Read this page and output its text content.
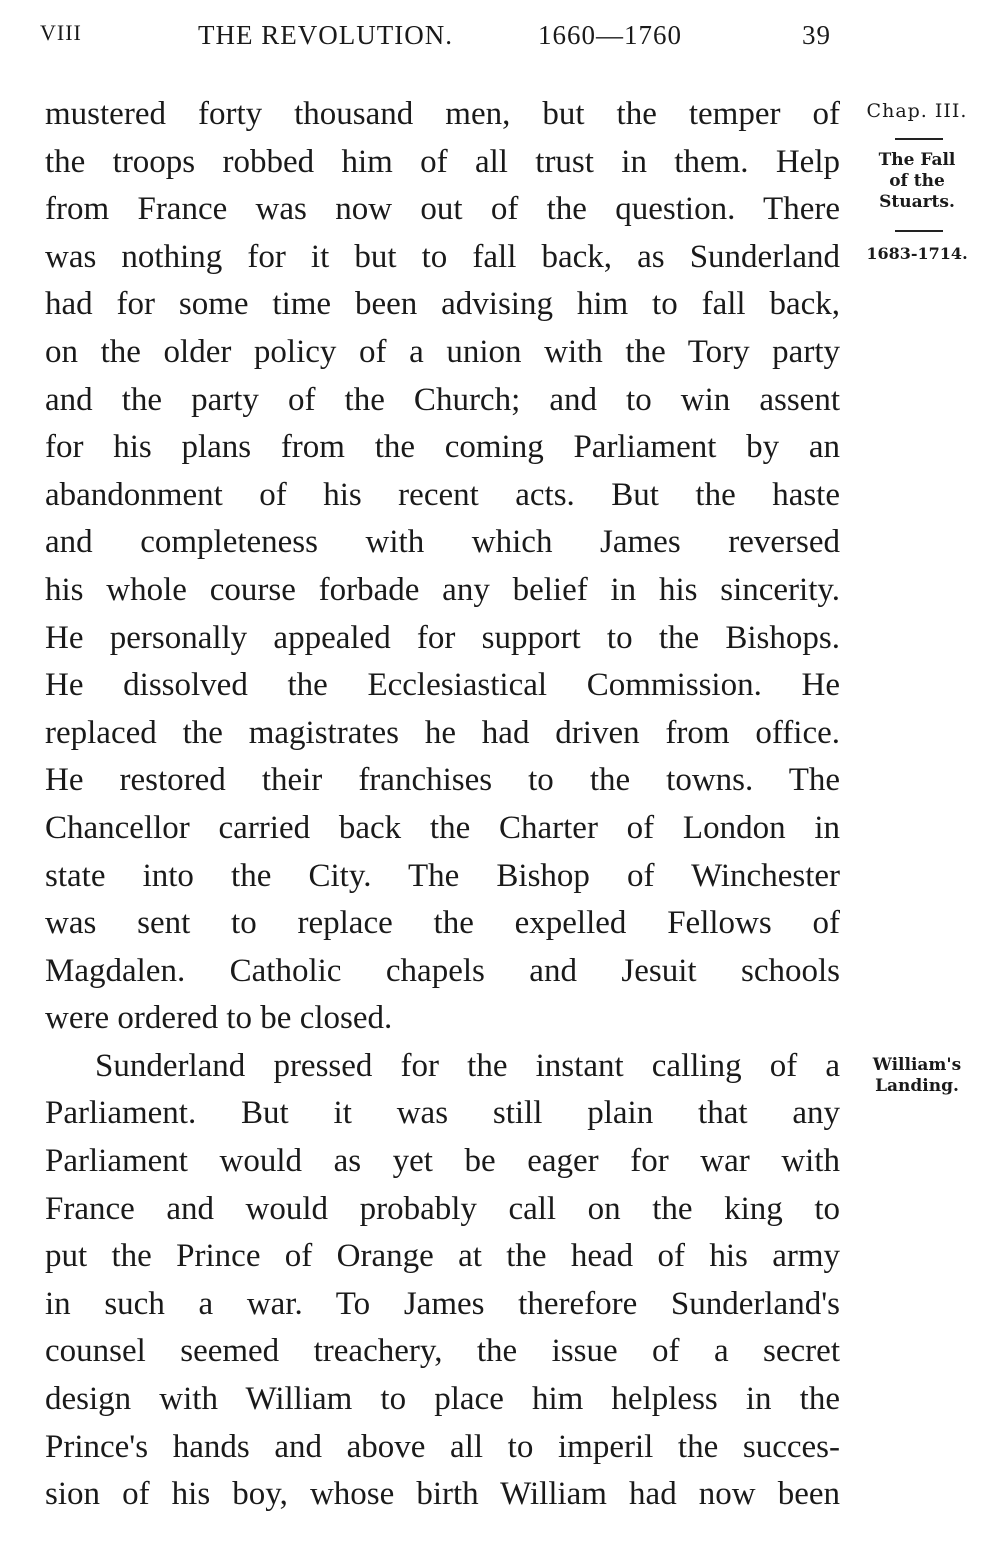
VIII	THE REVOLUTION.	1660—1760	39
mustered forty thousand men, but the temper of
the troops robbed him of all trust in them. Help
from France was now out of the question. There
was nothing for it but to fall back, as Sunderland
had for some time been advising him to fall back,
on the older policy of a union with the Tory party
and the party of the Church; and to win assent
for his plans from the coming Parliament by an
abandonment of his recent acts. But the haste
and completeness with which James reversed
his whole course forbade any belief in his sincerity.
He personally appealed for support to the Bishops.
He dissolved the Ecclesiastical Commission. He
replaced the magistrates he had driven from office.
He restored their franchises to the towns. The
Chancellor carried back the Charter of London in
state into the City. The Bishop of Winchester
was sent to replace the expelled Fellows of
Magdalen. Catholic chapels and Jesuit schools
were ordered to be closed.
Sunderland pressed for the instant calling of a
Parliament. But it was still plain that any
Parliament would as yet be eager for war with
France and would probably call on the king to
put the Prince of Orange at the head of his army
in such a war. To James therefore Sunderland's
counsel seemed treachery, the issue of a secret
design with William to place him helpless in the
Prince's hands and above all to imperil the succes-
sion of his boy, whose birth William had now been
Chap. III.
The Fall
of the
Stuarts.
1683-1714.
William's
Landing.
